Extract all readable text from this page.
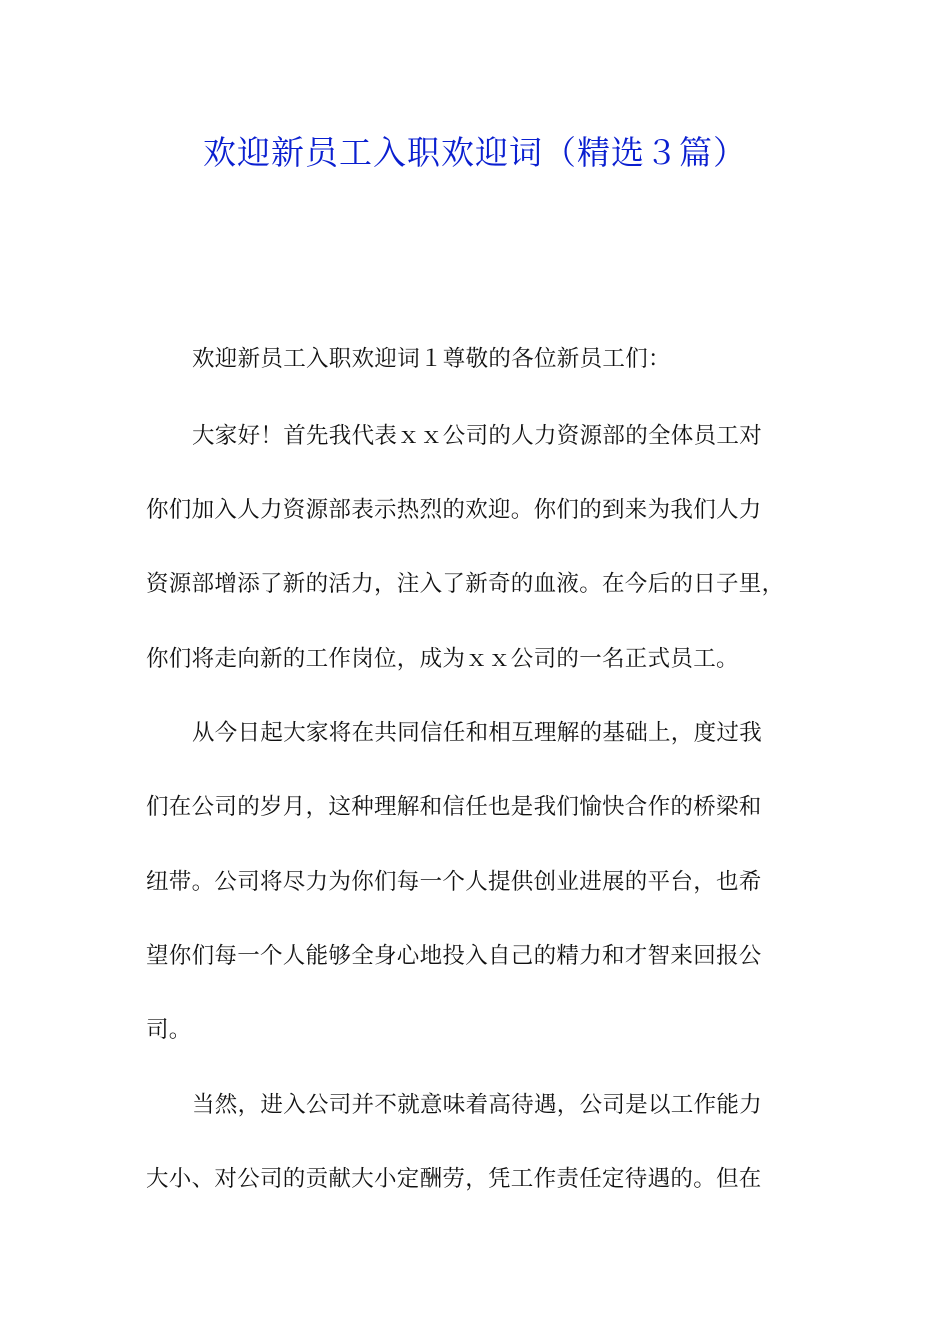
欢迎新员工入职欢迎词（精选３篇）
欢迎新员工入职欢迎词１尊敬的各位新员工们：
大家好！首先我代表ｘｘ公司的人力资源部的全体员工对
你们加入人力资源部表示热烈的欢迎。你们的到来为我们人力
资源部增添了新的活力，注入了新奇的血液。在今后的日子里，
你们将走向新的工作岗位，成为ｘｘ公司的一名正式员工。
从今日起大家将在共同信任和相互理解的基础上，度过我
们在公司的岁月，这种理解和信任也是我们愉快合作的桥梁和
纽带。公司将尽力为你们每一个人提供创业进展的平台，也希
望你们每一个人能够全身心地投入自己的精力和才智来回报公
司。
当然，进入公司并不就意味着高待遇，公司是以工作能力
大小、对公司的贡献大小定酬劳，凭工作责任定待遇的。但在
